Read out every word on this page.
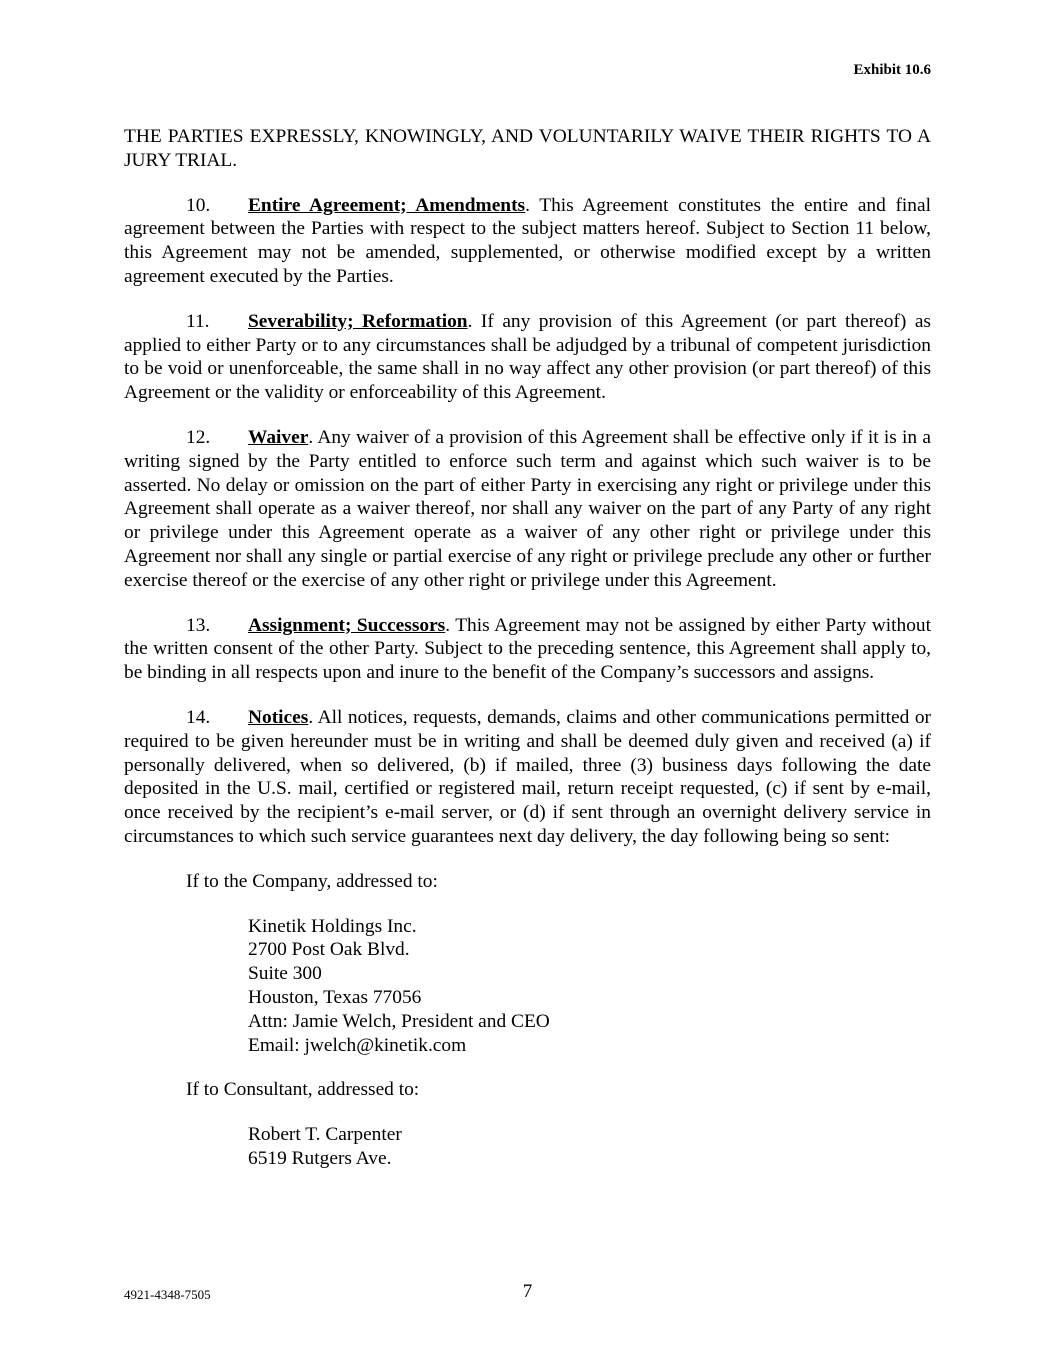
Exhibit 10.6

THE PARTIES EXPRESSLY, KNOWINGLY, AND VOLUNTARILY WAIVE THEIR RIGHTS TO A JURY TRIAL.

10. Entire Agreement; Amendments. This Agreement constitutes the entire and final agreement between the Parties with respect to the subject matters hereof. Subject to Section 11 below, this Agreement may not be amended, supplemented, or otherwise modified except by a written agreement executed by the Parties.

11. Severability; Reformation. If any provision of this Agreement (or part thereof) as applied to either Party or to any circumstances shall be adjudged by a tribunal of competent jurisdiction to be void or unenforceable, the same shall in no way affect any other provision (or part thereof) of this Agreement or the validity or enforceability of this Agreement.

12. Waiver. Any waiver of a provision of this Agreement shall be effective only if it is in a writing signed by the Party entitled to enforce such term and against which such waiver is to be asserted. No delay or omission on the part of either Party in exercising any right or privilege under this Agreement shall operate as a waiver thereof, nor shall any waiver on the part of any Party of any right or privilege under this Agreement operate as a waiver of any other right or privilege under this Agreement nor shall any single or partial exercise of any right or privilege preclude any other or further exercise thereof or the exercise of any other right or privilege under this Agreement.

13. Assignment; Successors. This Agreement may not be assigned by either Party without the written consent of the other Party. Subject to the preceding sentence, this Agreement shall apply to, be binding in all respects upon and inure to the benefit of the Company’s successors and assigns.

14. Notices. All notices, requests, demands, claims and other communications permitted or required to be given hereunder must be in writing and shall be deemed duly given and received (a) if personally delivered, when so delivered, (b) if mailed, three (3) business days following the date deposited in the U.S. mail, certified or registered mail, return receipt requested, (c) if sent by e-mail, once received by the recipient’s e-mail server, or (d) if sent through an overnight delivery service in circumstances to which such service guarantees next day delivery, the day following being so sent:

If to the Company, addressed to:

Kinetik Holdings Inc.
2700 Post Oak Blvd.
Suite 300
Houston, Texas 77056
Attn: Jamie Welch, President and CEO
Email: jwelch@kinetik.com

If to Consultant, addressed to:

Robert T. Carpenter
6519 Rutgers Ave.

4921-4348-7505	7
